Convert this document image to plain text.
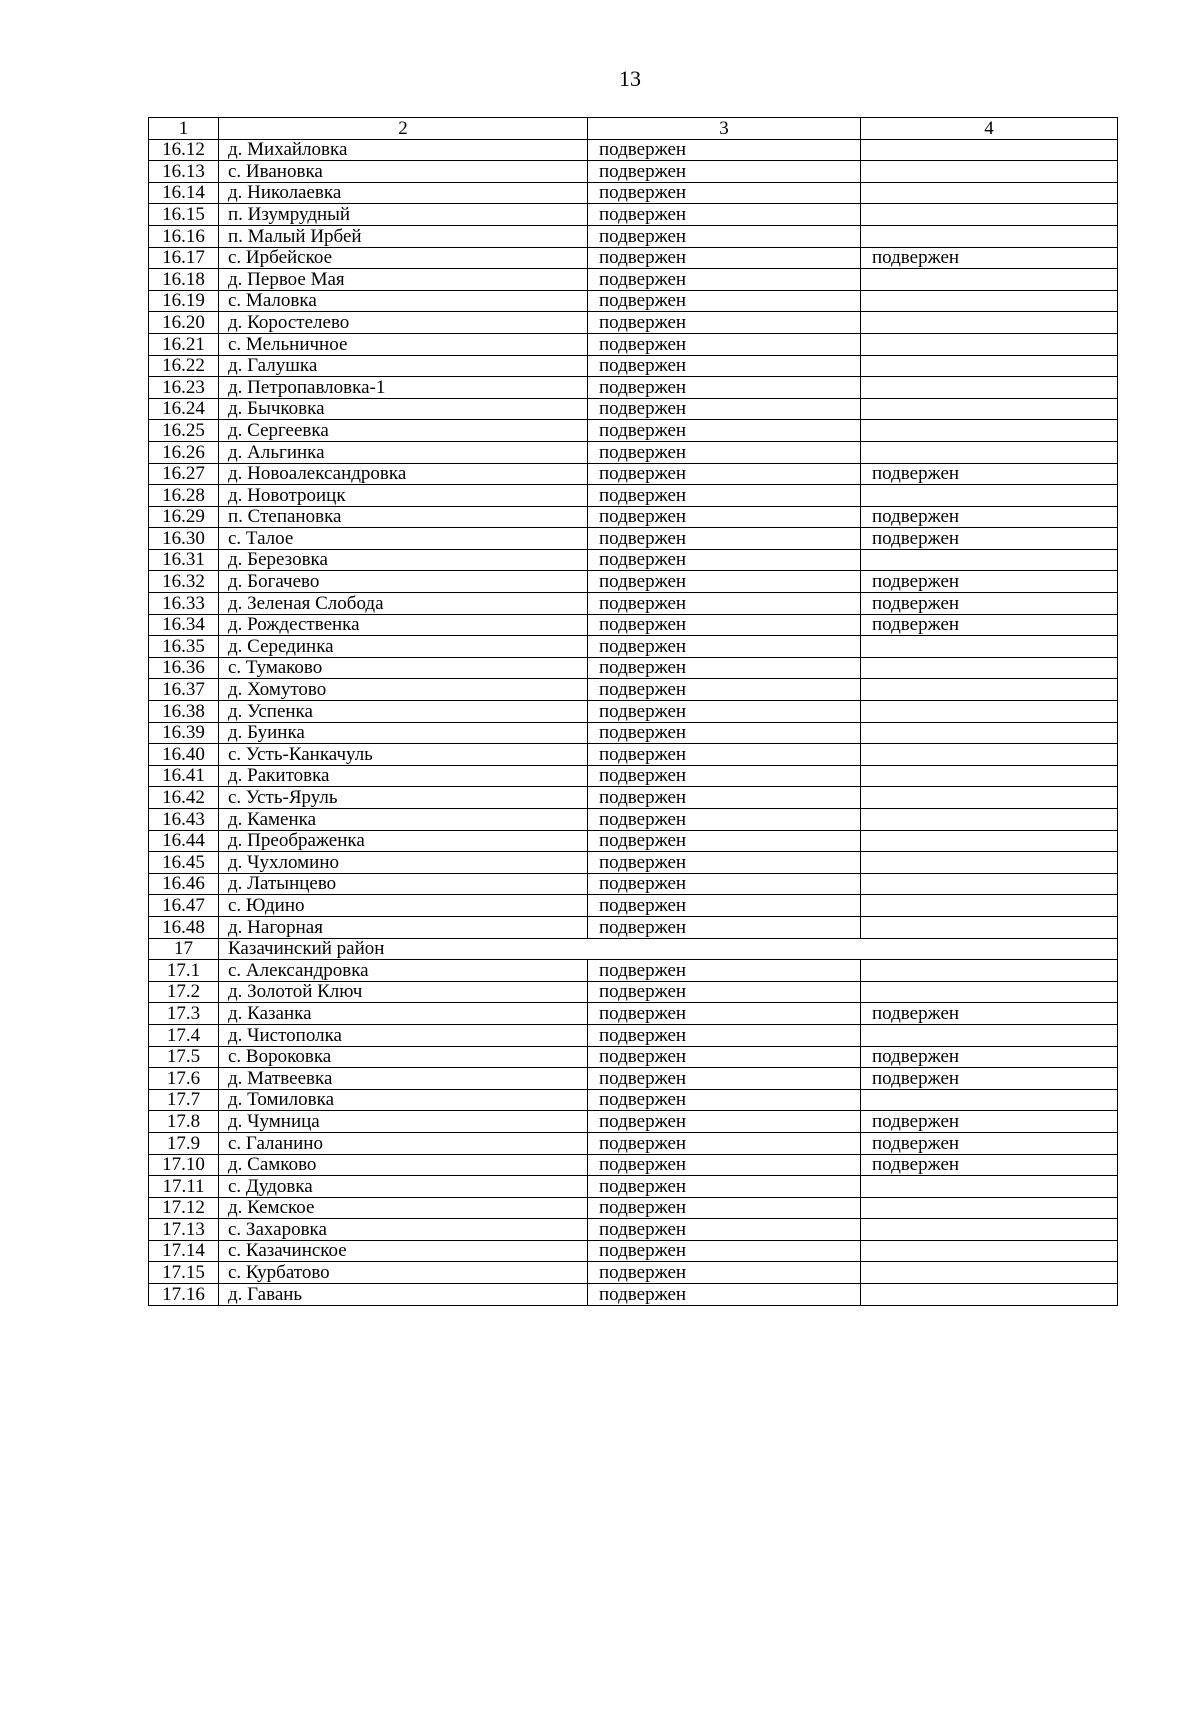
13
1	2	3	4
16.12	д. Михайловка	подвержен	
16.13	с. Ивановка	подвержен	
16.14	д. Николаевка	подвержен	
16.15	п. Изумрудный	подвержен	
16.16	п. Малый Ирбей	подвержен	
16.17	с. Ирбейское	подвержен	подвержен
16.18	д. Первое Мая	подвержен	
16.19	с. Маловка	подвержен	
16.20	д. Коростелево	подвержен	
16.21	с. Мельничное	подвержен	
16.22	д. Галушка	подвержен	
16.23	д. Петропавловка-1	подвержен	
16.24	д. Бычковка	подвержен	
16.25	д. Сергеевка	подвержен	
16.26	д. Альгинка	подвержен	
16.27	д. Новоалександровка	подвержен	подвержен
16.28	д. Новотроицк	подвержен	
16.29	п. Степановка	подвержен	подвержен
16.30	с. Талое	подвержен	подвержен
16.31	д. Березовка	подвержен	
16.32	д. Богачево	подвержен	подвержен
16.33	д. Зеленая Слобода	подвержен	подвержен
16.34	д. Рождественка	подвержен	подвержен
16.35	д. Серединка	подвержен	
16.36	с. Тумаково	подвержен	
16.37	д. Хомутово	подвержен	
16.38	д. Успенка	подвержен	
16.39	д. Буинка	подвержен	
16.40	с. Усть-Канкачуль	подвержен	
16.41	д. Ракитовка	подвержен	
16.42	с. Усть-Яруль	подвержен	
16.43	д. Каменка	подвержен	
16.44	д. Преображенка	подвержен	
16.45	д. Чухломино	подвержен	
16.46	д. Латынцево	подвержен	
16.47	с. Юдино	подвержен	
16.48	д. Нагорная	подвержен	
17	Казачинский район		
17.1	с. Александровка	подвержен	
17.2	д. Золотой Ключ	подвержен	
17.3	д. Казанка	подвержен	подвержен
17.4	д. Чистополка	подвержен	
17.5	с. Вороковка	подвержен	подвержен
17.6	д. Матвеевка	подвержен	подвержен
17.7	д. Томиловка	подвержен	
17.8	д. Чумница	подвержен	подвержен
17.9	с. Галанино	подвержен	подвержен
17.10	д. Самково	подвержен	подвержен
17.11	с. Дудовка	подвержен	
17.12	д. Кемское	подвержен	
17.13	с. Захаровка	подвержен	
17.14	с. Казачинское	подвержен	
17.15	с. Курбатово	подвержен	
17.16	д. Гавань	подвержен	
